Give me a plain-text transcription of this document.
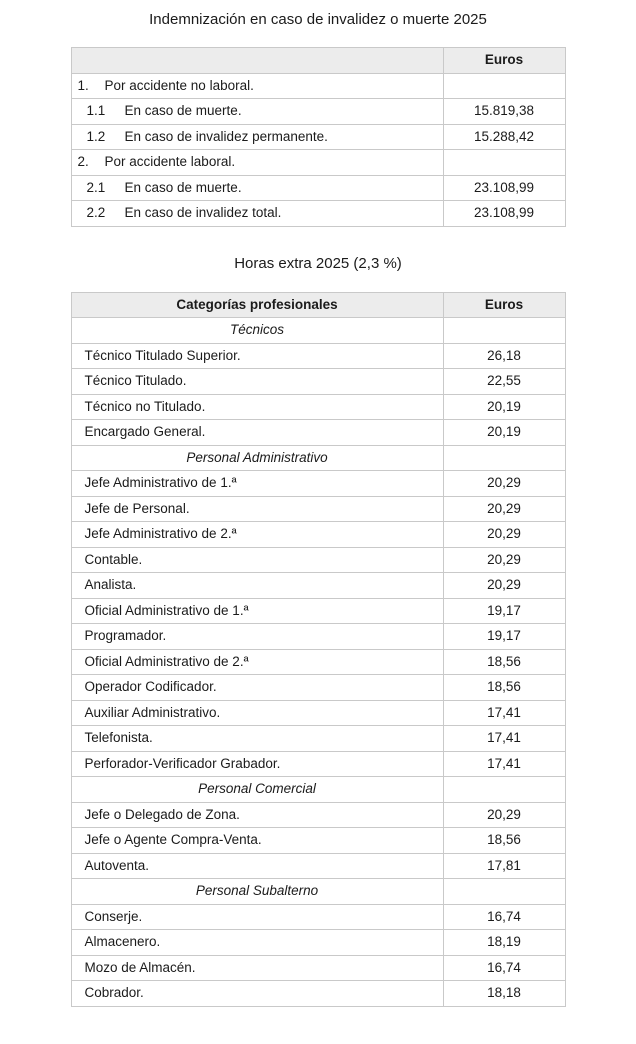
Indemnización en caso de invalidez o muerte 2025
	Euros
1. Por accidente no laboral.	
1.1 En caso de muerte.	15.819,38
1.2 En caso de invalidez permanente.	15.288,42
2. Por accidente laboral.	
2.1 En caso de muerte.	23.108,99
2.2 En caso de invalidez total.	23.108,99
Horas extra 2025 (2,3 %)
Categorías profesionales	Euros
Técnicos	
Técnico Titulado Superior.	26,18
Técnico Titulado.	22,55
Técnico no Titulado.	20,19
Encargado General.	20,19
Personal Administrativo	
Jefe Administrativo de 1.ª	20,29
Jefe de Personal.	20,29
Jefe Administrativo de 2.ª	20,29
Contable.	20,29
Analista.	20,29
Oficial Administrativo de 1.ª	19,17
Programador.	19,17
Oficial Administrativo de 2.ª	18,56
Operador Codificador.	18,56
Auxiliar Administrativo.	17,41
Telefonista.	17,41
Perforador-Verificador Grabador.	17,41
Personal Comercial	
Jefe o Delegado de Zona.	20,29
Jefe o Agente Compra-Venta.	18,56
Autoventa.	17,81
Personal Subalterno	
Conserje.	16,74
Almacenero.	18,19
Mozo de Almacén.	16,74
Cobrador.	18,18
